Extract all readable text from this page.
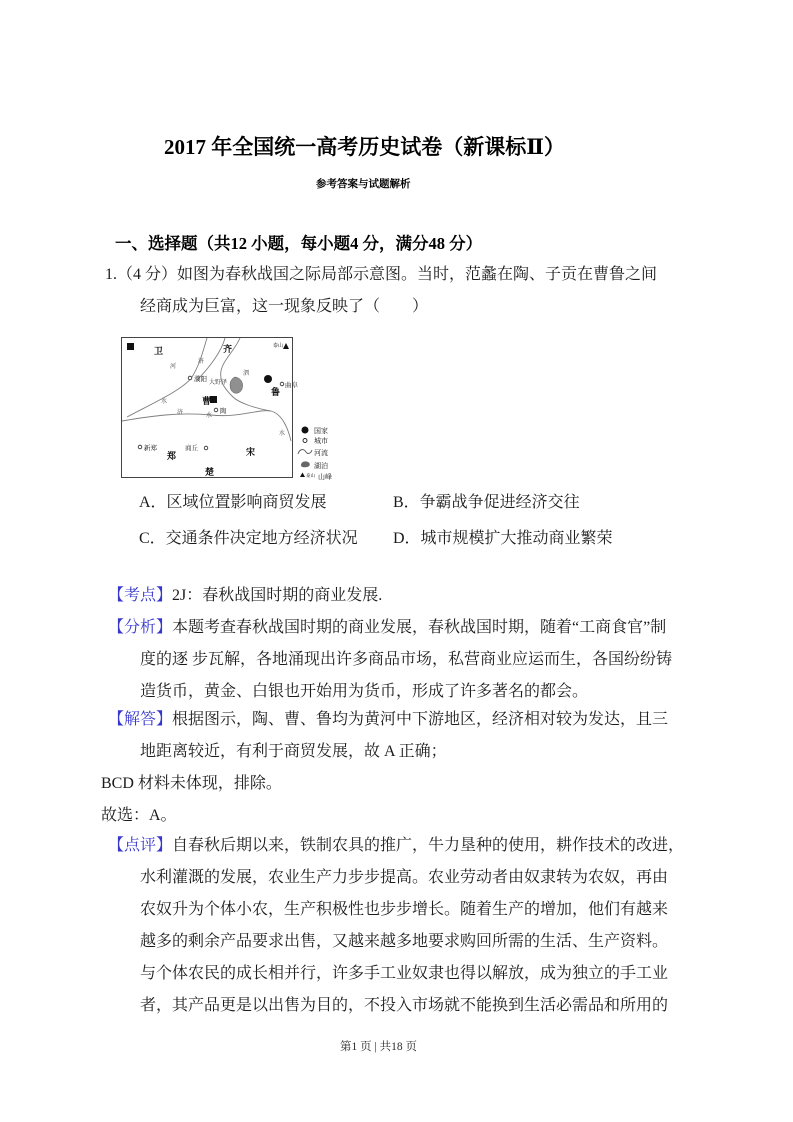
2017 年全国统一高考历史试卷（新课标Ⅱ）
参考答案与试题解析
一、选择题（共12 小题，每小题4 分，满分48 分）
1.（4 分）如图为春秋战国之际局部示意图。当时，范蠡在陶、子贡在曹鲁之间
经商成为巨富，这一现象反映了（　　）
大野泽
卫	齐
鲁
曹
郑	宋
楚
濮阳
曲阜
陶
新郑	商丘
泰山
河
济
泗
水
济	水
水	国家
城市
河流
湖泊
泰山 山峰
A．区域位置影响商贸发展	B．争霸战争促进经济交往
C．交通条件决定地方经济状况 D．城市规模扩大推动商业繁荣
【考点】2J：春秋战国时期的商业发展.
【分析】本题考查春秋战国时期的商业发展，春秋战国时期，随着“工商食官”制
度的逐 步瓦解，各地涌现出许多商品市场，私营商业应运而生，各国纷纷铸
造货币，黄金、白银也开始用为货币，形成了许多著名的都会。
【解答】根据图示，陶、曹、鲁均为黄河中下游地区，经济相对较为发达，且三
地距离较近，有利于商贸发展，故 A 正确；
BCD 材料未体现，排除。
故选：A。
【点评】自春秋后期以来，铁制农具的推广，牛力垦种的使用，耕作技术的改进，
水利灌溉的发展，农业生产力步步提高。农业劳动者由奴隶转为农奴，再由
农奴升为个体小农，生产积极性也步步增长。随着生产的增加，他们有越来
越多的剩余产品要求出售，又越来越多地要求购回所需的生活、生产资料。
与个体农民的成长相并行，许多手工业奴隶也得以解放，成为独立的手工业
者，其产品更是以出售为目的，不投入市场就不能换到生活必需品和所用的
第1 页 | 共18 页
